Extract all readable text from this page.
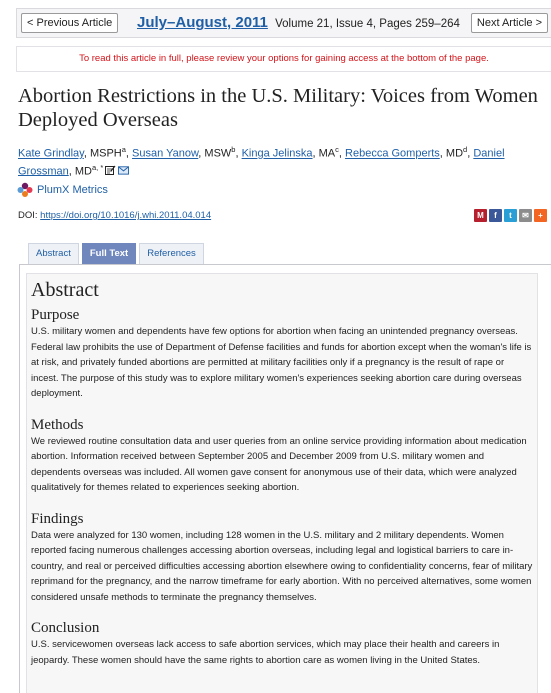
< Previous Article	July–August, 2011 Volume 21, Issue 4, Pages 259–264	Next Article >
To read this article in full, please review your options for gaining access at the bottom of the page.
Abortion Restrictions in the U.S. Military: Voices from Women Deployed Overseas
Kate Grindlay, MSPH$^a$, Susan Yanow, MSW$^b$, Kinga Jelinska, $MA^c$, Rebecca Gomperts, $MD^d$, Daniel Grossman, $MD^{a, *}$
PlumX Metrics
DOI: https://doi.org/10.1016/j.whi.2011.04.014	M	f	t	✉	+
Abstract	Full Text	References
Abstract
Purpose

U.S. military women and dependents have few options for abortion when facing an unintended pregnancy overseas. Federal law prohibits the use of Department of Defense facilities and funds for abortion except when the woman's life is at risk, and privately funded abortions are permitted at military facilities only if a pregnancy is the result of rape or incest. The purpose of this study was to explore military women's experiences seeking abortion care during overseas deployment.

Methods

We reviewed routine consultation data and user queries from an online service providing information about medication abortion. Information received between September 2005 and December 2009 from U.S. military women and dependents overseas was included. All women gave consent for anonymous use of their data, which were analyzed qualitatively for themes related to experiences seeking abortion.

Findings

Data were analyzed for 130 women, including 128 women in the U.S. military and 2 military dependents. Women reported facing numerous challenges accessing abortion overseas, including legal and logistical barriers to care in-country, and real or perceived difficulties accessing abortion elsewhere owing to confidentiality concerns, fear of military reprimand for the pregnancy, and the narrow timeframe for early abortion. With no perceived alternatives, some women considered unsafe methods to terminate the pregnancy themselves.

Conclusion

U.S. servicewomen overseas lack access to safe abortion services, which may place their health and careers in jeopardy. These women should have the same rights to abortion care as women living in the United States.
